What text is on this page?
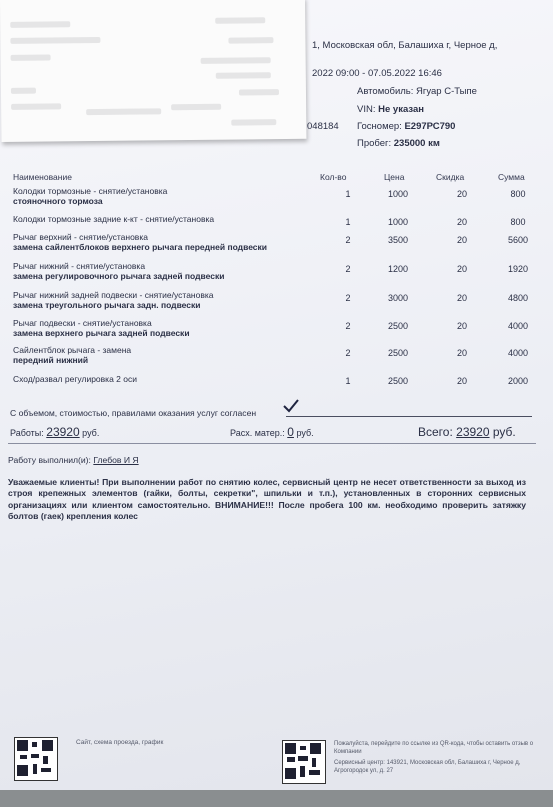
1, Московская обл, Балашиха г, Черное д,
2022 09:00 - 07.05.2022 16:46
Автомобиль: Ягуар С-Тыпе
VIN: Не указан
048184 Госномер: Е297РС790
Пробег: 235000 км
Наименование	Кол-во	Цена	Скидка	Сумма
Колодки тормозные - снятие/установка
стояночного тормоза
1	1000	20	800
Колодки тормозные задние к-кт - снятие/установка	1	1000	20	800
Рычаг верхний - снятие/установка
замена сайлентблоков верхнего рычага передней подвески
2	3500	20	5600
Рычаг нижний - снятие/установка
замена регулировочного рычага задней подвески
2	1200	20	1920
Рычаг нижний задней подвески - снятие/установка
замена треугольного рычага задн. подвески
2	3000	20	4800
Рычаг подвески - снятие/установка
замена верхнего рычага задней подвески
2	2500	20	4000
Сайлентблок рычага - замена
передний нижний
2	2500	20	4000
Сход/развал регулировка 2 оси	1	2500	20	2000
С объемом, стоимостью, правилами оказания услуг согласен
Работы: 23920 руб.	Расх. матер.: 0 руб.	Всего: 23920 руб.
Работу выполнил(и): Глебов И Я
Уважаемые клиенты! При выполнении работ по снятию колес, сервисный центр не несет ответственности за выход из строя крепежных элементов (гайки, болты, секретки", шпильки и т.п.), установленных в сторонних сервисных организациях или клиентом самостоятельно. ВНИМАНИЕ!!! После пробега 100 км. необходимо проверить затяжку болтов (гаек) крепления колес
Сайт, схема проезда, график	Пожалуйста, перейдите по ссылке из QR-кода, чтобы оставить отзыв о Компании
Сервисный центр: 143921, Московская обл, Балашиха г, Черное д, Агрогородок ул, д. 27
